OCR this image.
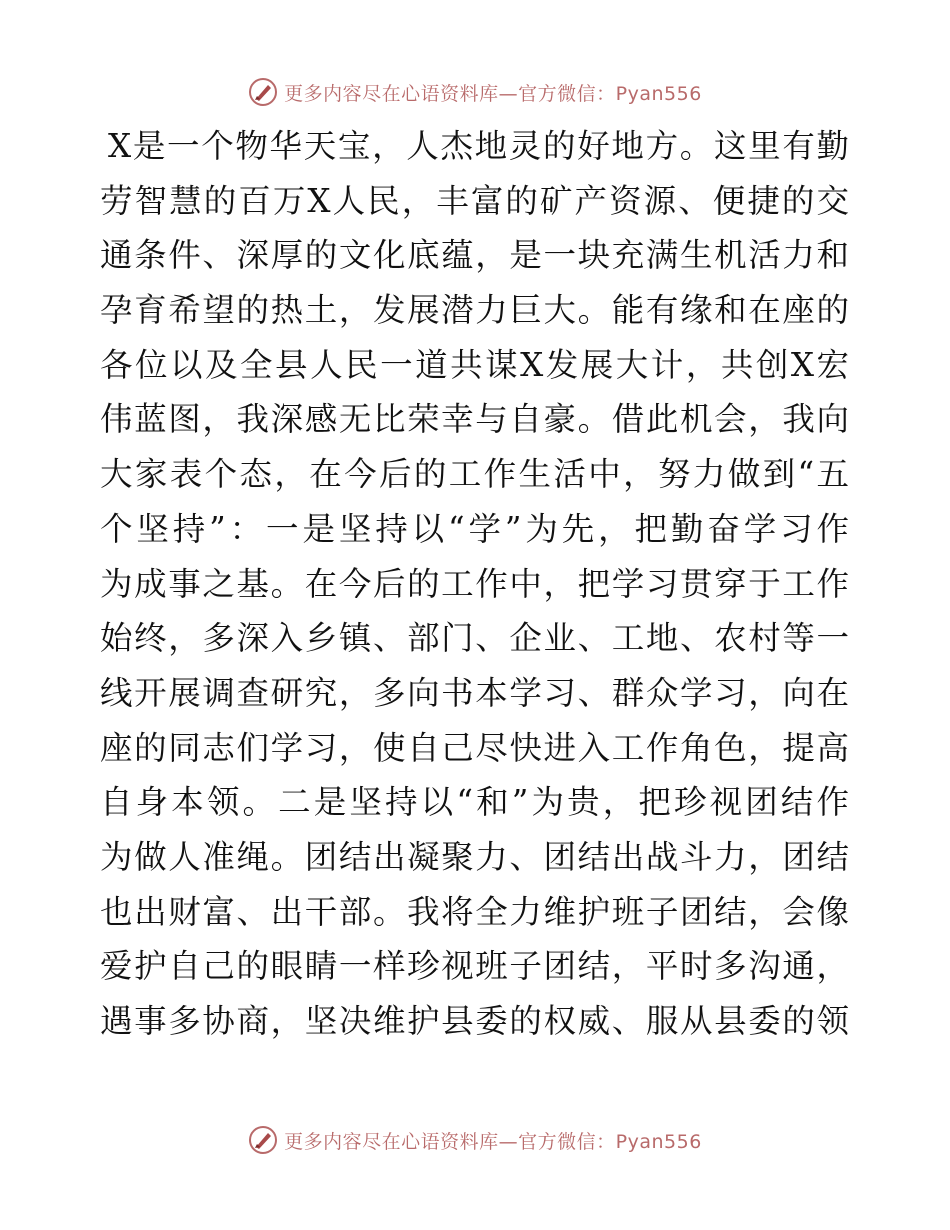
更多内容尽在心语资料库—官方微信：Pyan556
X是一个物华天宝，人杰地灵的好地方。这里有勤
劳智慧的百万X人民，丰富的矿产资源、便捷的交
通条件、深厚的文化底蕴，是一块充满生机活力和
孕育希望的热土，发展潜力巨大。能有缘和在座的
各位以及全县人民一道共谋X发展大计，共创X宏
伟蓝图，我深感无比荣幸与自豪。借此机会，我向
大家表个态，在今后的工作生活中，努力做到“五
个坚持”：一是坚持以“学”为先，把勤奋学习作
为成事之基。在今后的工作中，把学习贯穿于工作
始终，多深入乡镇、部门、企业、工地、农村等一
线开展调查研究，多向书本学习、群众学习，向在
座的同志们学习，使自己尽快进入工作角色，提高
自身本领。二是坚持以“和”为贵，把珍视团结作
为做人准绳。团结出凝聚力、团结出战斗力，团结
也出财富、出干部。我将全力维护班子团结，会像
爱护自己的眼睛一样珍视班子团结，平时多沟通，
遇事多协商，坚决维护县委的权威、服从县委的领
更多内容尽在心语资料库—官方微信：Pyan556
